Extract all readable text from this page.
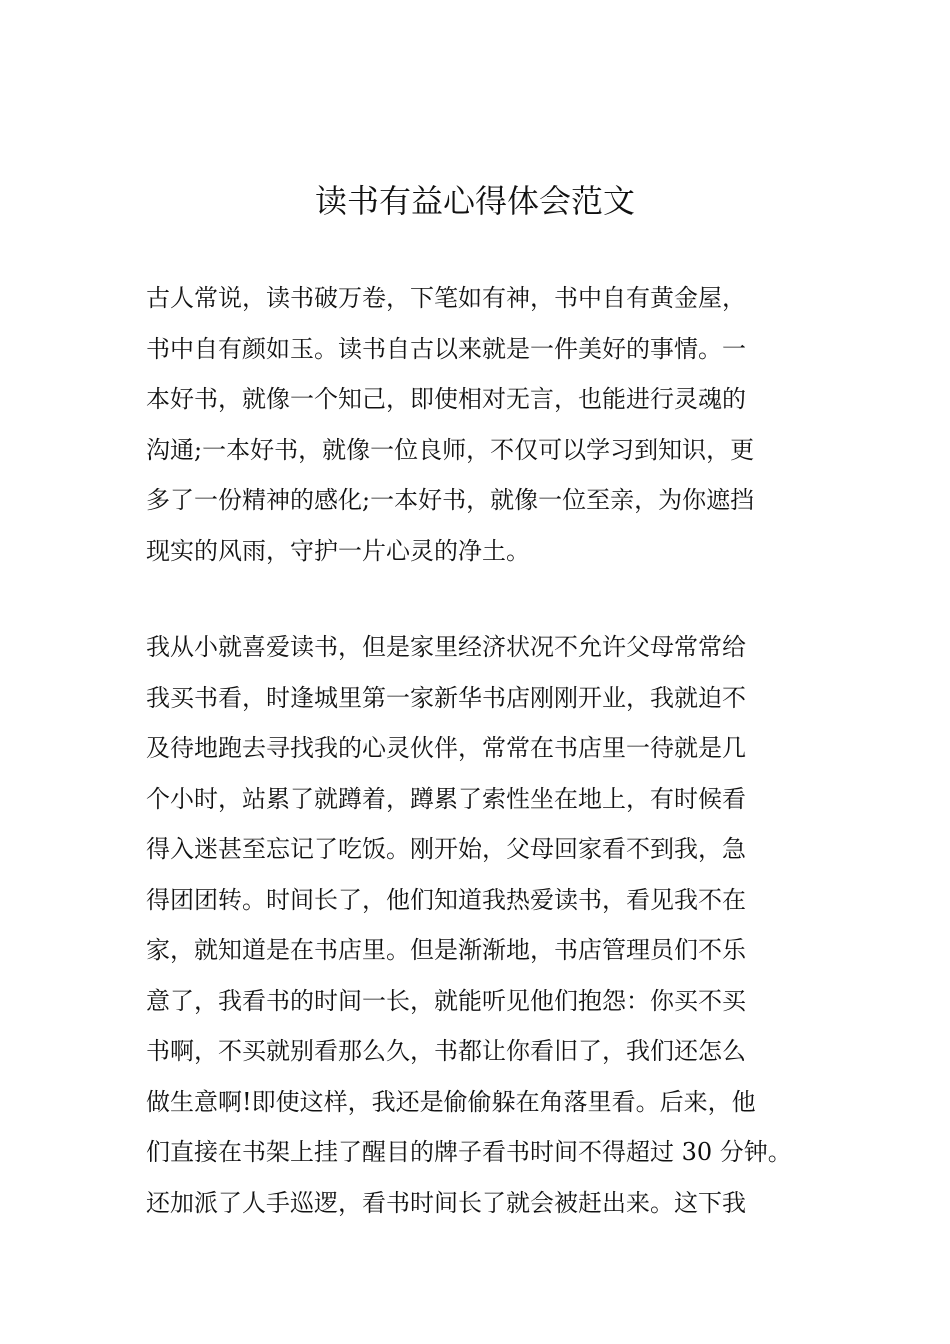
读书有益心得体会范文
古人常说，读书破万卷，下笔如有神，书中自有黄金屋，
书中自有颜如玉。读书自古以来就是一件美好的事情。一
本好书，就像一个知己，即使相对无言，也能进行灵魂的
沟通;一本好书，就像一位良师，不仅可以学习到知识，更
多了一份精神的感化;一本好书，就像一位至亲，为你遮挡
现实的风雨，守护一片心灵的净土。
我从小就喜爱读书，但是家里经济状况不允许父母常常给
我买书看，时逢城里第一家新华书店刚刚开业，我就迫不
及待地跑去寻找我的心灵伙伴，常常在书店里一待就是几
个小时，站累了就蹲着，蹲累了索性坐在地上，有时候看
得入迷甚至忘记了吃饭。刚开始，父母回家看不到我，急
得团团转。时间长了，他们知道我热爱读书，看见我不在
家，就知道是在书店里。但是渐渐地，书店管理员们不乐
意了，我看书的时间一长，就能听见他们抱怨：你买不买
书啊，不买就别看那么久，书都让你看旧了，我们还怎么
做生意啊!即使这样，我还是偷偷躲在角落里看。后来，他
们直接在书架上挂了醒目的牌子看书时间不得超过 30 分钟。
还加派了人手巡逻，看书时间长了就会被赶出来。这下我
